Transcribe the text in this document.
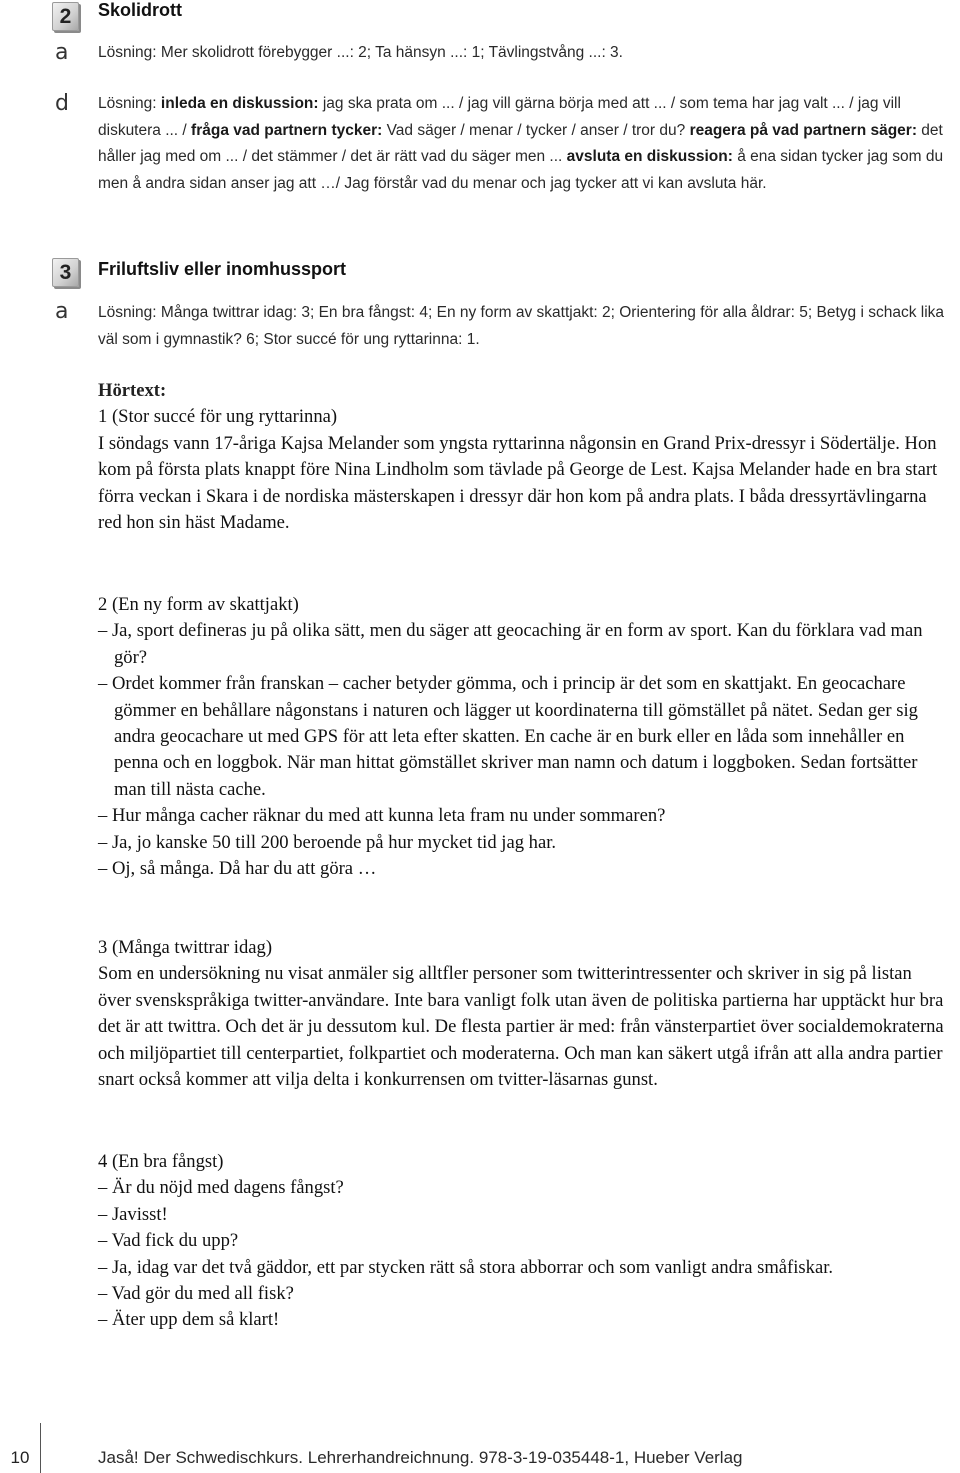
2	Skolidrott
a Lösning: Mer skolidrott förebygger ...: 2; Ta hänsyn ...: 1; Tävlingstvång ...: 3.
d Lösning: inleda en diskussion: jag ska prata om ... / jag vill gärna börja med att ... / som tema har jag valt ... / jag vill diskutera ... / fråga vad partnern tycker: Vad säger / menar / tycker / anser / tror du? reagera på vad partnern säger: det håller jag med om ... / det stämmer / det är rätt vad du säger men ... avsluta en diskussion: å ena sidan tycker jag som du men å andra sidan anser jag att …/ Jag förstår vad du menar och jag tycker att vi kan avsluta här.
3	Friluftsliv eller inomhussport
a Lösning: Många twittrar idag: 3; En bra fångst: 4; En ny form av skattjakt: 2; Orientering för alla åldrar: 5; Betyg i schack lika väl som i gymnastik? 6; Stor succé för ung ryttarinna: 1.

Hörtext:

1 (Stor succé för ung ryttarinna)

I söndags vann 17-åriga Kajsa Melander som yngsta ryttarinna någonsin en Grand Prix-dressyr i Södertälje. Hon kom på första plats knappt före Nina Lindholm som tävlade på George de Lest. Kajsa Melander hade en bra start förra veckan i Skara i de nordiska mästerskapen i dressyr där hon kom på andra plats. I båda dressyrtävlingarna red hon sin häst Madame.

2 (En ny form av skattjakt)

– Ja, sport defineras ju på olika sätt, men du säger att geocaching är en form av sport. Kan du förklara vad man gör?

– Ordet kommer från franskan – cacher betyder gömma, och i princip är det som en skattjakt. En geocachare gömmer en behållare någonstans i naturen och lägger ut koordinaterna till gömstället på nätet. Sedan ger sig andra geocachare ut med GPS för att leta efter skatten. En cache är en burk eller en låda som innehåller en penna och en loggbok. När man hittat gömstället skriver man namn och datum i loggboken. Sedan fortsätter man till nästa cache.

– Hur många cacher räknar du med att kunna leta fram nu under sommaren?

– Ja, jo kanske 50 till 200 beroende på hur mycket tid jag har.

– Oj, så många. Då har du att göra …

3 (Många twittrar idag)

Som en undersökning nu visat anmäler sig alltfler personer som twitterintressenter och skriver in sig på listan över svenskspråkiga twitter-användare. Inte bara vanligt folk utan även de politiska partierna har upptäckt hur bra det är att twittra. Och det är ju dessutom kul. De flesta partier är med: från vänsterpartiet över socialdemokraterna och miljöpartiet till centerpartiet, folkpartiet och moderaterna. Och man kan säkert utgå ifrån att alla andra partier snart också kommer att vilja delta i konkurrensen om tvitter-läsarnas gunst.

4 (En bra fångst)

– Är du nöjd med dagens fångst?

– Javisst!

– Vad fick du upp?

– Ja, idag var det två gäddor, ett par stycken rätt så stora abborrar och som vanligt andra småfiskar.

– Vad gör du med all fisk?

– Äter upp dem så klart!

10	Jaså! Der Schwedischkurs. Lehrerhandreichnung. 978-3-19-035448-1, Hueber Verlag
